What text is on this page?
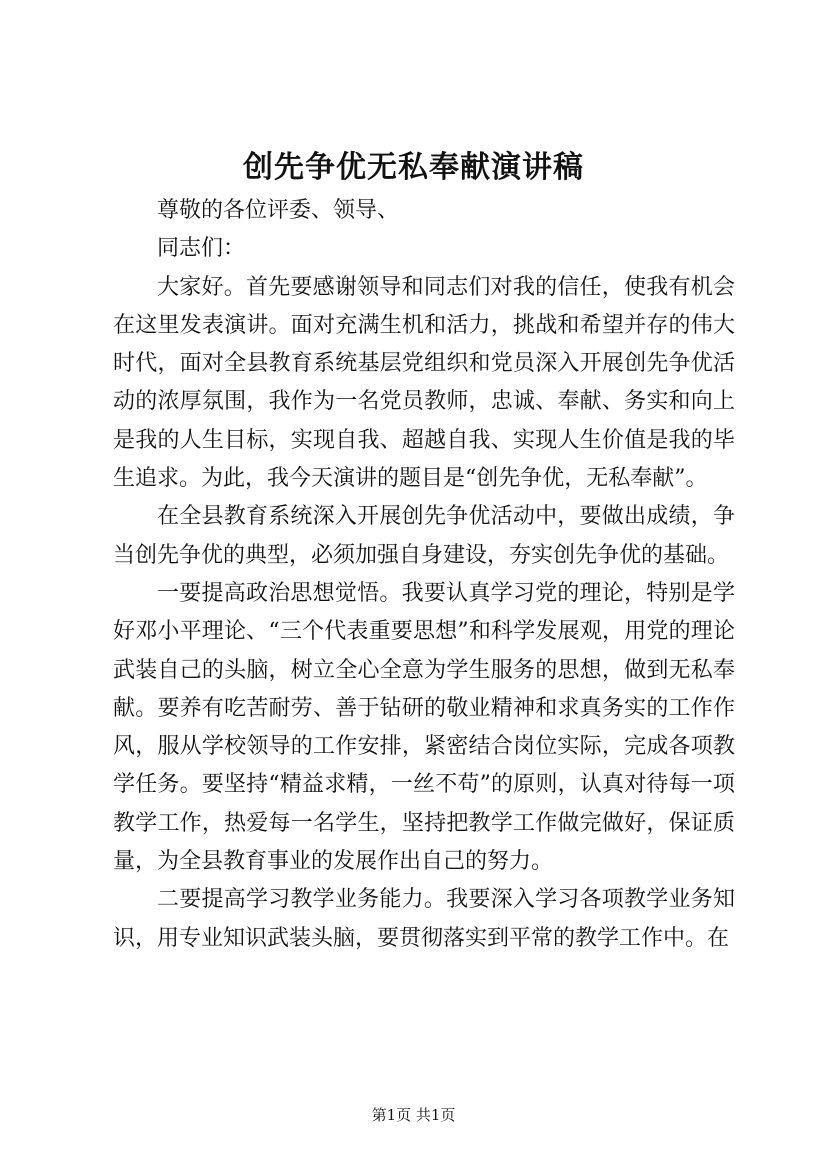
创先争优无私奉献演讲稿

尊敬的各位评委、领导、

同志们：

大家好。首先要感谢领导和同志们对我的信任，使我有机会在这里发表演讲。面对充满生机和活力，挑战和希望并存的伟大时代，面对全县教育系统基层党组织和党员深入开展创先争优活动的浓厚氛围，我作为一名党员教师，忠诚、奉献、务实和向上是我的人生目标，实现自我、超越自我、实现人生价值是我的毕生追求。为此，我今天演讲的题目是“创先争优，无私奉献”。

在全县教育系统深入开展创先争优活动中，要做出成绩，争当创先争优的典型，必须加强自身建设，夯实创先争优的基础。

一要提高政治思想觉悟。我要认真学习党的理论，特别是学好邓小平理论、“三个代表重要思想”和科学发展观，用党的理论武装自己的头脑，树立全心全意为学生服务的思想，做到无私奉献。要养有吃苦耐劳、善于钻研的敬业精神和求真务实的工作作风，服从学校领导的工作安排，紧密结合岗位实际，完成各项教学任务。要坚持“精益求精，一丝不苟”的原则，认真对待每一项教学工作，热爱每一名学生，坚持把教学工作做完做好，保证质量，为全县教育事业的发展作出自己的努力。

二要提高学习教学业务能力。我要深入学习各项教学业务知识，用专业知识武装头脑，要贯彻落实到平常的教学工作中。在

第1页 共1页
